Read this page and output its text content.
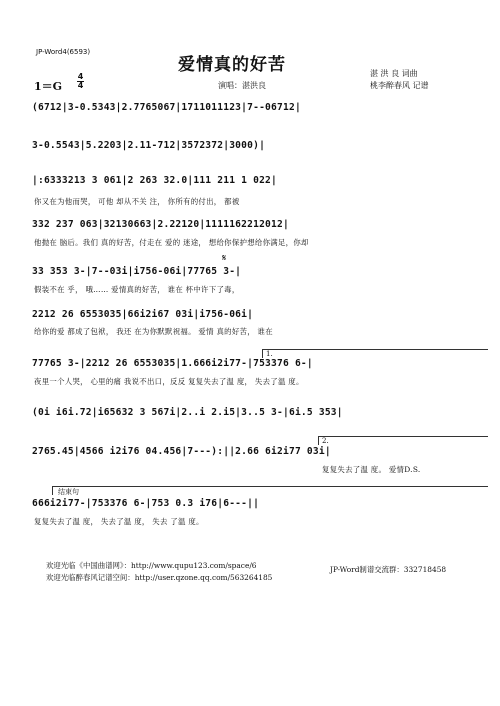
JP-Word4(6593)
爱情真的好苦	湛 洪 良 词曲
桃李醉春风 记谱
1＝G
4
4	演唱：湛洪良
(6712|3-0.5343|2.7765067|1711011123|7--06712|
3-0.5543|5.2203|2.11-712|3572372|3000)|
|:6333213 3 061|2 263 32.0|111 211 1 022|
你又在为他而哭， 可他 却从不关 注， 你所有的付出， 都被
332 237 063|32130663|2.22120|1111162212012|
他抛在 脑后。我们 真的好苦，付走在 爱的 迷途， 想给你保护想给你满足，你却
𝄋
33 353 3-|7--03i|i756-06i|77765 3-|
假装不在 乎， 哦…… 爱情真的好苦， 谁在 杯中许下了毒，
2212 26 6553035|66i2i67 03i|i756-06i|
给你的爱 都成了包袱， 我还 在为你默默祝福。 爱情 真的好苦， 谁在
1.
77765 3-|2212 26 6553035|1.666i2i77-|753376 6-|
夜里一个人哭， 心里的痛 我说不出口，反反 复复失去了温 度， 失去了温 度。
(0i i6i.72|i65632 3 567i|2..i 2.i5|3..5 3-|6i.5 353|
2.
2765.45|4566 i2i76 04.456|7---):||2.66 6i2i77 03i|
复复失去了温 度。 爱情D.S.
结束句
666i2i77-|753376 6-|753 0.3 i76|6---||
复复失去了温 度， 失去了温 度， 失去 了温 度。
欢迎光临《中国曲谱网》：http://www.qupu123.com/space/6
欢迎光临醉春风记谱空间：http://user.qzone.qq.com/563264185
JP-Word制谱交流群：332718458
